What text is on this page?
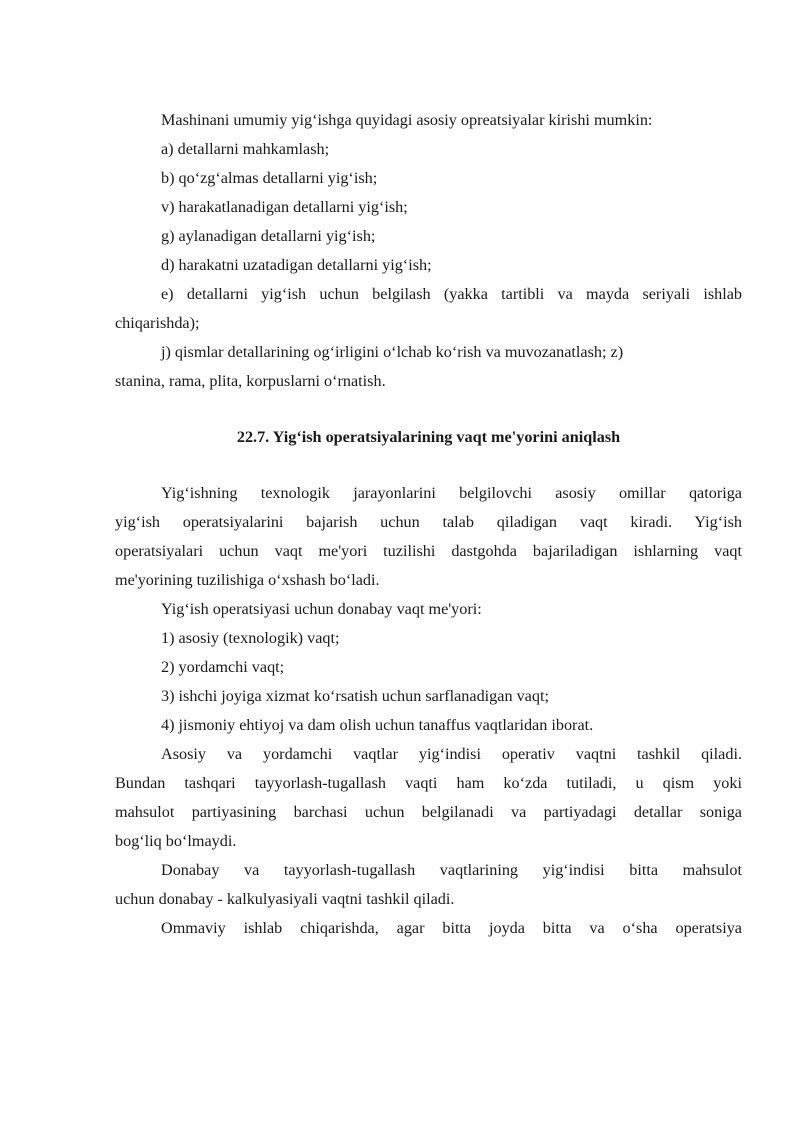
Mashinani umumiy yig‘ishga quyidagi asosiy opreatsiyalar kirishi mumkin:
a) detallarni mahkamlash;
b) qo‘zg‘almas detallarni yig‘ish;
v) harakatlanadigan detallarni yig‘ish;
g) aylanadigan detallarni yig‘ish;
d) harakatni uzatadigan detallarni yig‘ish;
e) detallarni yig‘ish uchun belgilash (yakka tartibli va mayda seriyali ishlab
chiqarishda);
j) qismlar detallarining og‘irligini o‘lchab ko‘rish va muvozanatlash; z)
stanina, rama, plita, korpuslarni o‘rnatish.
22.7. Yig‘ish operatsiyalarining vaqt me'yorini aniqlash
Yig‘ishning texnologik jarayonlarini belgilovchi asosiy omillar qatoriga
yig‘ish operatsiyalarini bajarish uchun talab qiladigan vaqt kiradi. Yig‘ish
operatsiyalari uchun vaqt me'yori tuzilishi dastgohda bajariladigan ishlarning vaqt
me'yorining tuzilishiga o‘xshash bo‘ladi.
Yig‘ish operatsiyasi uchun donabay vaqt me'yori:
1) asosiy (texnologik) vaqt;
2) yordamchi vaqt;
3) ishchi joyiga xizmat ko‘rsatish uchun sarflanadigan vaqt;
4) jismoniy ehtiyoj va dam olish uchun tanaffus vaqtlaridan iborat.
Asosiy va yordamchi vaqtlar yig‘indisi operativ vaqtni tashkil qiladi.
Bundan tashqari tayyorlash-tugallash vaqti ham ko‘zda tutiladi, u qism yoki
mahsulot partiyasining barchasi uchun belgilanadi va partiyadagi detallar soniga
bog‘liq bo‘lmaydi.
Donabay va tayyorlash-tugallash vaqtlarining yig‘indisi bitta mahsulot
uchun donabay - kalkulyasiyali vaqtni tashkil qiladi.
Ommaviy ishlab chiqarishda, agar bitta joyda bitta va o‘sha operatsiya
